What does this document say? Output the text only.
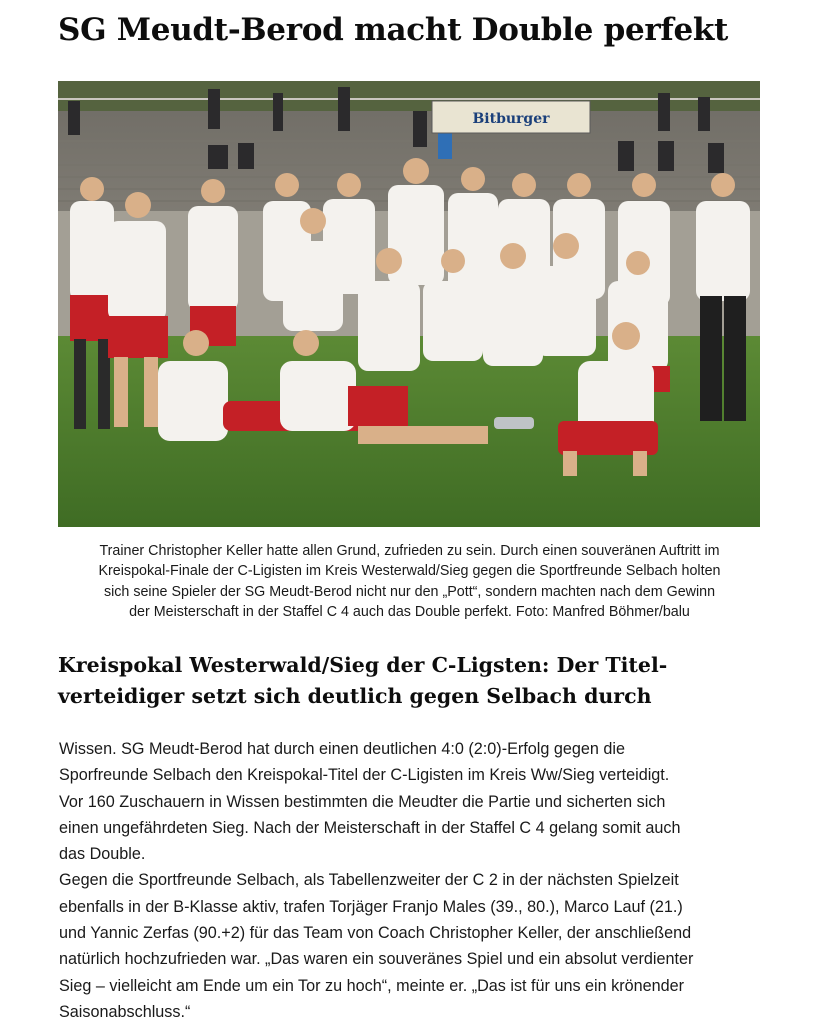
SG Meudt-Berod macht Double perfekt
Bitburger

Trainer Christopher Keller hatte allen Grund, zufrieden zu sein. Durch einen souveränen Auftritt im
Kreispokal-Finale der C-Ligisten im Kreis Westerwald/Sieg gegen die Sportfreunde Selbach holten
sich seine Spieler der SG Meudt-Berod nicht nur den „Pott“, sondern machten nach dem Gewinn
der Meisterschaft in der Staffel C 4 auch das Double perfekt. Foto: Manfred Böhmer/balu

Kreispokal Westerwald/Sieg der C-Ligsten: Der Titel-
verteidiger setzt sich deutlich gegen Selbach durch
Wissen. SG Meudt-Berod hat durch einen deutlichen 4:0 (2:0)-Erfolg gegen die
Sporfreunde Selbach den Kreispokal-Titel der C-Ligisten im Kreis Ww/Sieg verteidigt.
Vor 160 Zuschauern in Wissen bestimmten die Meudter die Partie und sicherten sich
einen ungefährdeten Sieg. Nach der Meisterschaft in der Staffel C 4 gelang somit auch
das Double.
Gegen die Sportfreunde Selbach, als Tabellenzweiter der C 2 in der nächsten Spielzeit
ebenfalls in der B-Klasse aktiv, trafen Torjäger Franjo Males (39., 80.), Marco Lauf (21.)
und Yannic Zerfas (90.+2) für das Team von Coach Christopher Keller, der anschließend
natürlich hochzufrieden war. „Das waren ein souveränes Spiel und ein absolut verdienter
Sieg – vielleicht am Ende um ein Tor zu hoch“, meinte er. „Das ist für uns ein krönender
Saisonabschluss.“
